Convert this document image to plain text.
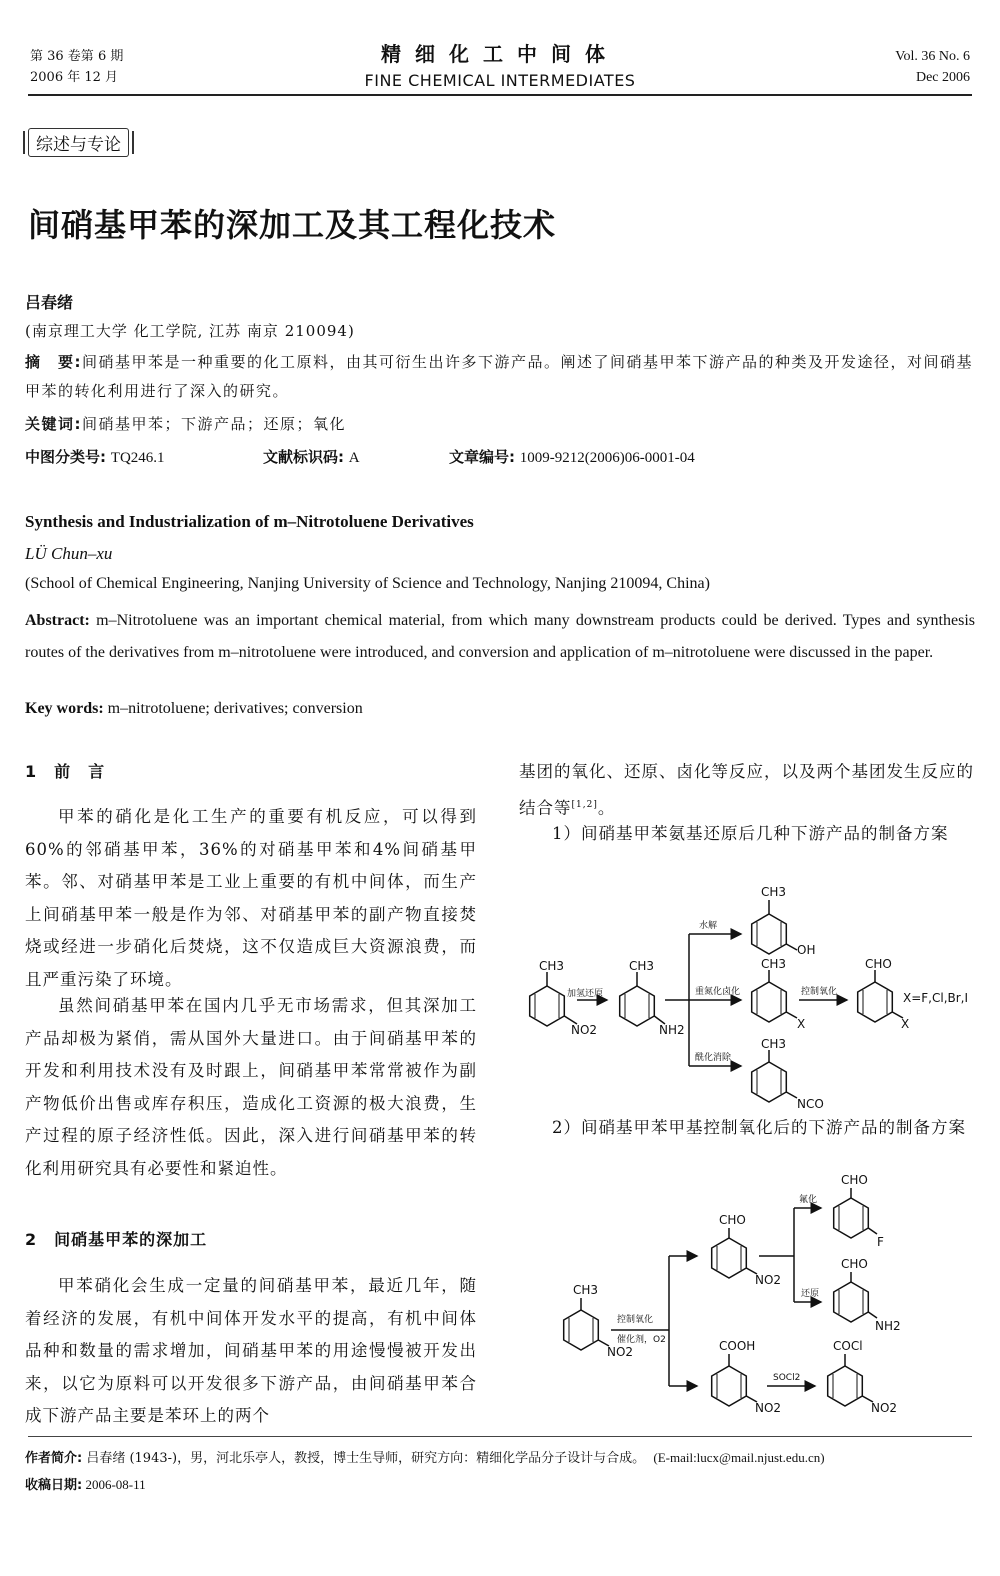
第 36 卷第 6 期
2006 年 12 月
精细化工中间体
FINE CHEMICAL INTERMEDIATES
Vol. 36 No. 6
Dec 2006
综述与专论
间硝基甲苯的深加工及其工程化技术
吕春绪
(南京理工大学 化工学院, 江苏 南京 210094)
摘　要:间硝基甲苯是一种重要的化工原料，由其可衍生出许多下游产品。阐述了间硝基甲苯下游产品的种类及开发途径，对间硝基甲苯的转化利用进行了深入的研究。
关键词:间硝基甲苯；下游产品；还原；氧化
中图分类号: TQ246.1	文献标识码: A	文章编号: 1009-9212(2006)06-0001-04
Synthesis and Industrialization of m–Nitrotoluene Derivatives
LÜ Chun–xu
(School of Chemical Engineering, Nanjing University of Science and Technology, Nanjing 210094, China)
Abstract: m–Nitrotoluene was an important chemical material, from which many downstream products could be derived. Types and synthesis routes of the derivatives from m–nitrotoluene were introduced, and conversion and application of m–nitrotoluene were discussed in the paper.
Key words: m–nitrotoluene; derivatives; conversion
1　前　言
甲苯的硝化是化工生产的重要有机反应，可以得到60%的邻硝基甲苯，36%的对硝基甲苯和4%间硝基甲苯。邻、对硝基甲苯是工业上重要的有机中间体，而生产上间硝基甲苯一般是作为邻、对硝基甲苯的副产物直接焚烧或经进一步硝化后焚烧，这不仅造成巨大资源浪费，而且严重污染了环境。
虽然间硝基甲苯在国内几乎无市场需求，但其深加工产品却极为紧俏，需从国外大量进口。由于间硝基甲苯的开发和利用技术没有及时跟上，间硝基甲苯常常被作为副产物低价出售或库存积压，造成化工资源的极大浪费，生产过程的原子经济性低。因此，深入进行间硝基甲苯的转化利用研究具有必要性和紧迫性。
2　间硝基甲苯的深加工
甲苯硝化会生成一定量的间硝基甲苯，最近几年，随着经济的发展，有机中间体开发水平的提高，有机中间体品种和数量的需求增加，间硝基甲苯的用途慢慢被开发出来，以它为原料可以开发很多下游产品，由间硝基甲苯合成下游产品主要是苯环上的两个
基团的氧化、还原、卤化等反应，以及两个基团发生反应的结合等[1,2]。
1）间硝基甲苯氨基还原后几种下游产品的制备方案
2）间硝基甲苯甲基控制氧化后的下游产品的制备方案
CH3
NO2
CH3
NH2
CH3
OH
CH3
X
CHO
X
X=F,Cl,Br,I
CH3
NCO
加氢还原
水解
重氮化卤化	控制氧化
酰化消除
CH3
NO2
CHO
NO2
CHO
F
CHO
NH2
COOH
NO2
COCl
NO2
控制氧化
催化剂，O2
氟化
还原
SOCl2
作者简介: 吕春绪 (1943-)，男，河北乐亭人，教授，博士生导师，研究方向：精细化学品分子设计与合成。 (E-mail:lucx@mail.njust.edu.cn)
收稿日期: 2006-08-11
